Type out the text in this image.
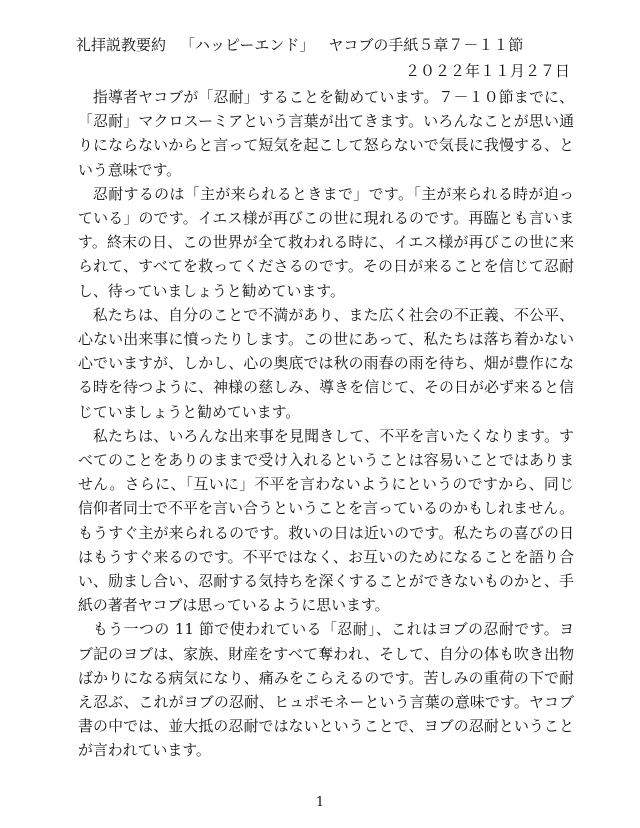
礼拝説教要約 「ハッピーエンド」 ヤコブの手紙５章７－１１節
２０２２年１１月２７日

指導者ヤコブが「忍耐」することを勧めています。７－１０節までに、「忍耐」マクロスーミアという言葉が出てきます。いろんなことが思い通りにならないからと言って短気を起こして怒らないで気長に我慢する、という意味です。

忍耐するのは「主が来られるときまで」です。「主が来られる時が迫っている」のです。イエス様が再びこの世に現れるのです。再臨とも言います。終末の日、この世界が全て救われる時に、イエス様が再びこの世に来られて、すべてを救ってくださるのです。その日が来ることを信じて忍耐し、待っていましょうと勧めています。

私たちは、自分のことで不満があり、また広く社会の不正義、不公平、心ない出来事に憤ったりします。この世にあって、私たちは落ち着かない心でいますが、しかし、心の奥底では秋の雨春の雨を待ち、畑が豊作になる時を待つように、神様の慈しみ、導きを信じて、その日が必ず来ると信じていましょうと勧めています。

私たちは、いろんな出来事を見聞きして、不平を言いたくなります。すべてのことをありのままで受け入れるということは容易いことではありません。さらに、「互いに」不平を言わないようにというのですから、同じ信仰者同士で不平を言い合うということを言っているのかもしれません。もうすぐ主が来られるのです。救いの日は近いのです。私たちの喜びの日はもうすぐ来るのです。不平ではなく、お互いのためになることを語り合い、励まし合い、忍耐する気持ちを深くすることができないものかと、手紙の著者ヤコブは思っているように思います。

もう一つの 11 節で使われている「忍耐」、これはヨブの忍耐です。ヨブ記のヨブは、家族、財産をすべて奪われ、そして、自分の体も吹き出物ばかりになる病気になり、痛みをこらえるのです。苦しみの重荷の下で耐え忍ぶ、これがヨブの忍耐、ヒュポモネーという言葉の意味です。ヤコブ書の中では、並大抵の忍耐ではないということで、ヨブの忍耐ということが言われています。

1
